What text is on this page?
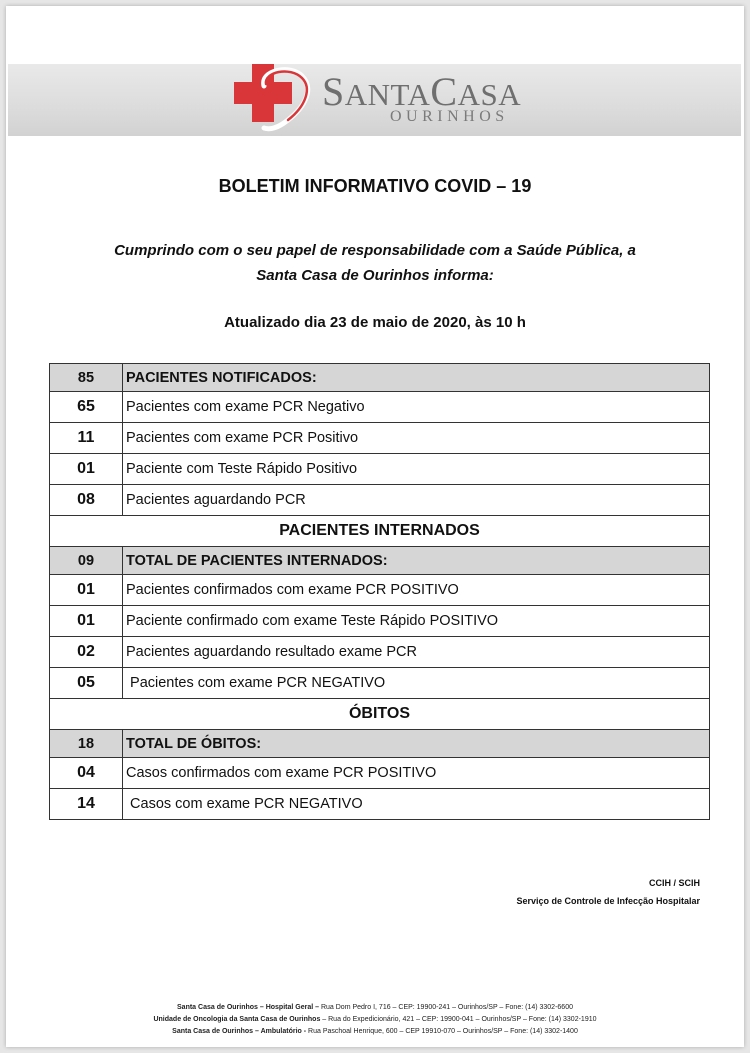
SANTACASA
OURINHOS
BOLETIM INFORMATIVO COVID – 19
Cumprindo com o seu papel de responsabilidade com a Saúde Pública, a
Santa Casa de Ourinhos informa:
Atualizado dia 23 de maio de 2020, às 10 h
85	PACIENTES NOTIFICADOS:
65	Pacientes com exame PCR Negativo
11	Pacientes com exame PCR Positivo
01	Paciente com Teste Rápido Positivo
08	Pacientes aguardando PCR
PACIENTES INTERNADOS	
09	TOTAL DE PACIENTES INTERNADOS:
01	Pacientes confirmados com exame PCR POSITIVO
01	Paciente confirmado com exame Teste Rápido POSITIVO
02	Pacientes aguardando resultado exame PCR
05	Pacientes com exame PCR NEGATIVO
ÓBITOS	
18	TOTAL DE ÓBITOS:
04	Casos confirmados com exame PCR POSITIVO
14	Casos com exame PCR NEGATIVO
CCIH / SCIH
Serviço de Controle de Infecção Hospitalar
Santa Casa de Ourinhos – Hospital Geral – Rua Dom Pedro I, 716 – CEP: 19900-241 – Ourinhos/SP – Fone: (14) 3302-6600
Unidade de Oncologia da Santa Casa de Ourinhos – Rua do Expedicionário, 421 – CEP: 19900-041 – Ourinhos/SP – Fone: (14) 3302-1910
Santa Casa de Ourinhos – Ambulatório - Rua Paschoal Henrique, 600 – CEP 19910-070 – Ourinhos/SP – Fone: (14) 3302-1400
